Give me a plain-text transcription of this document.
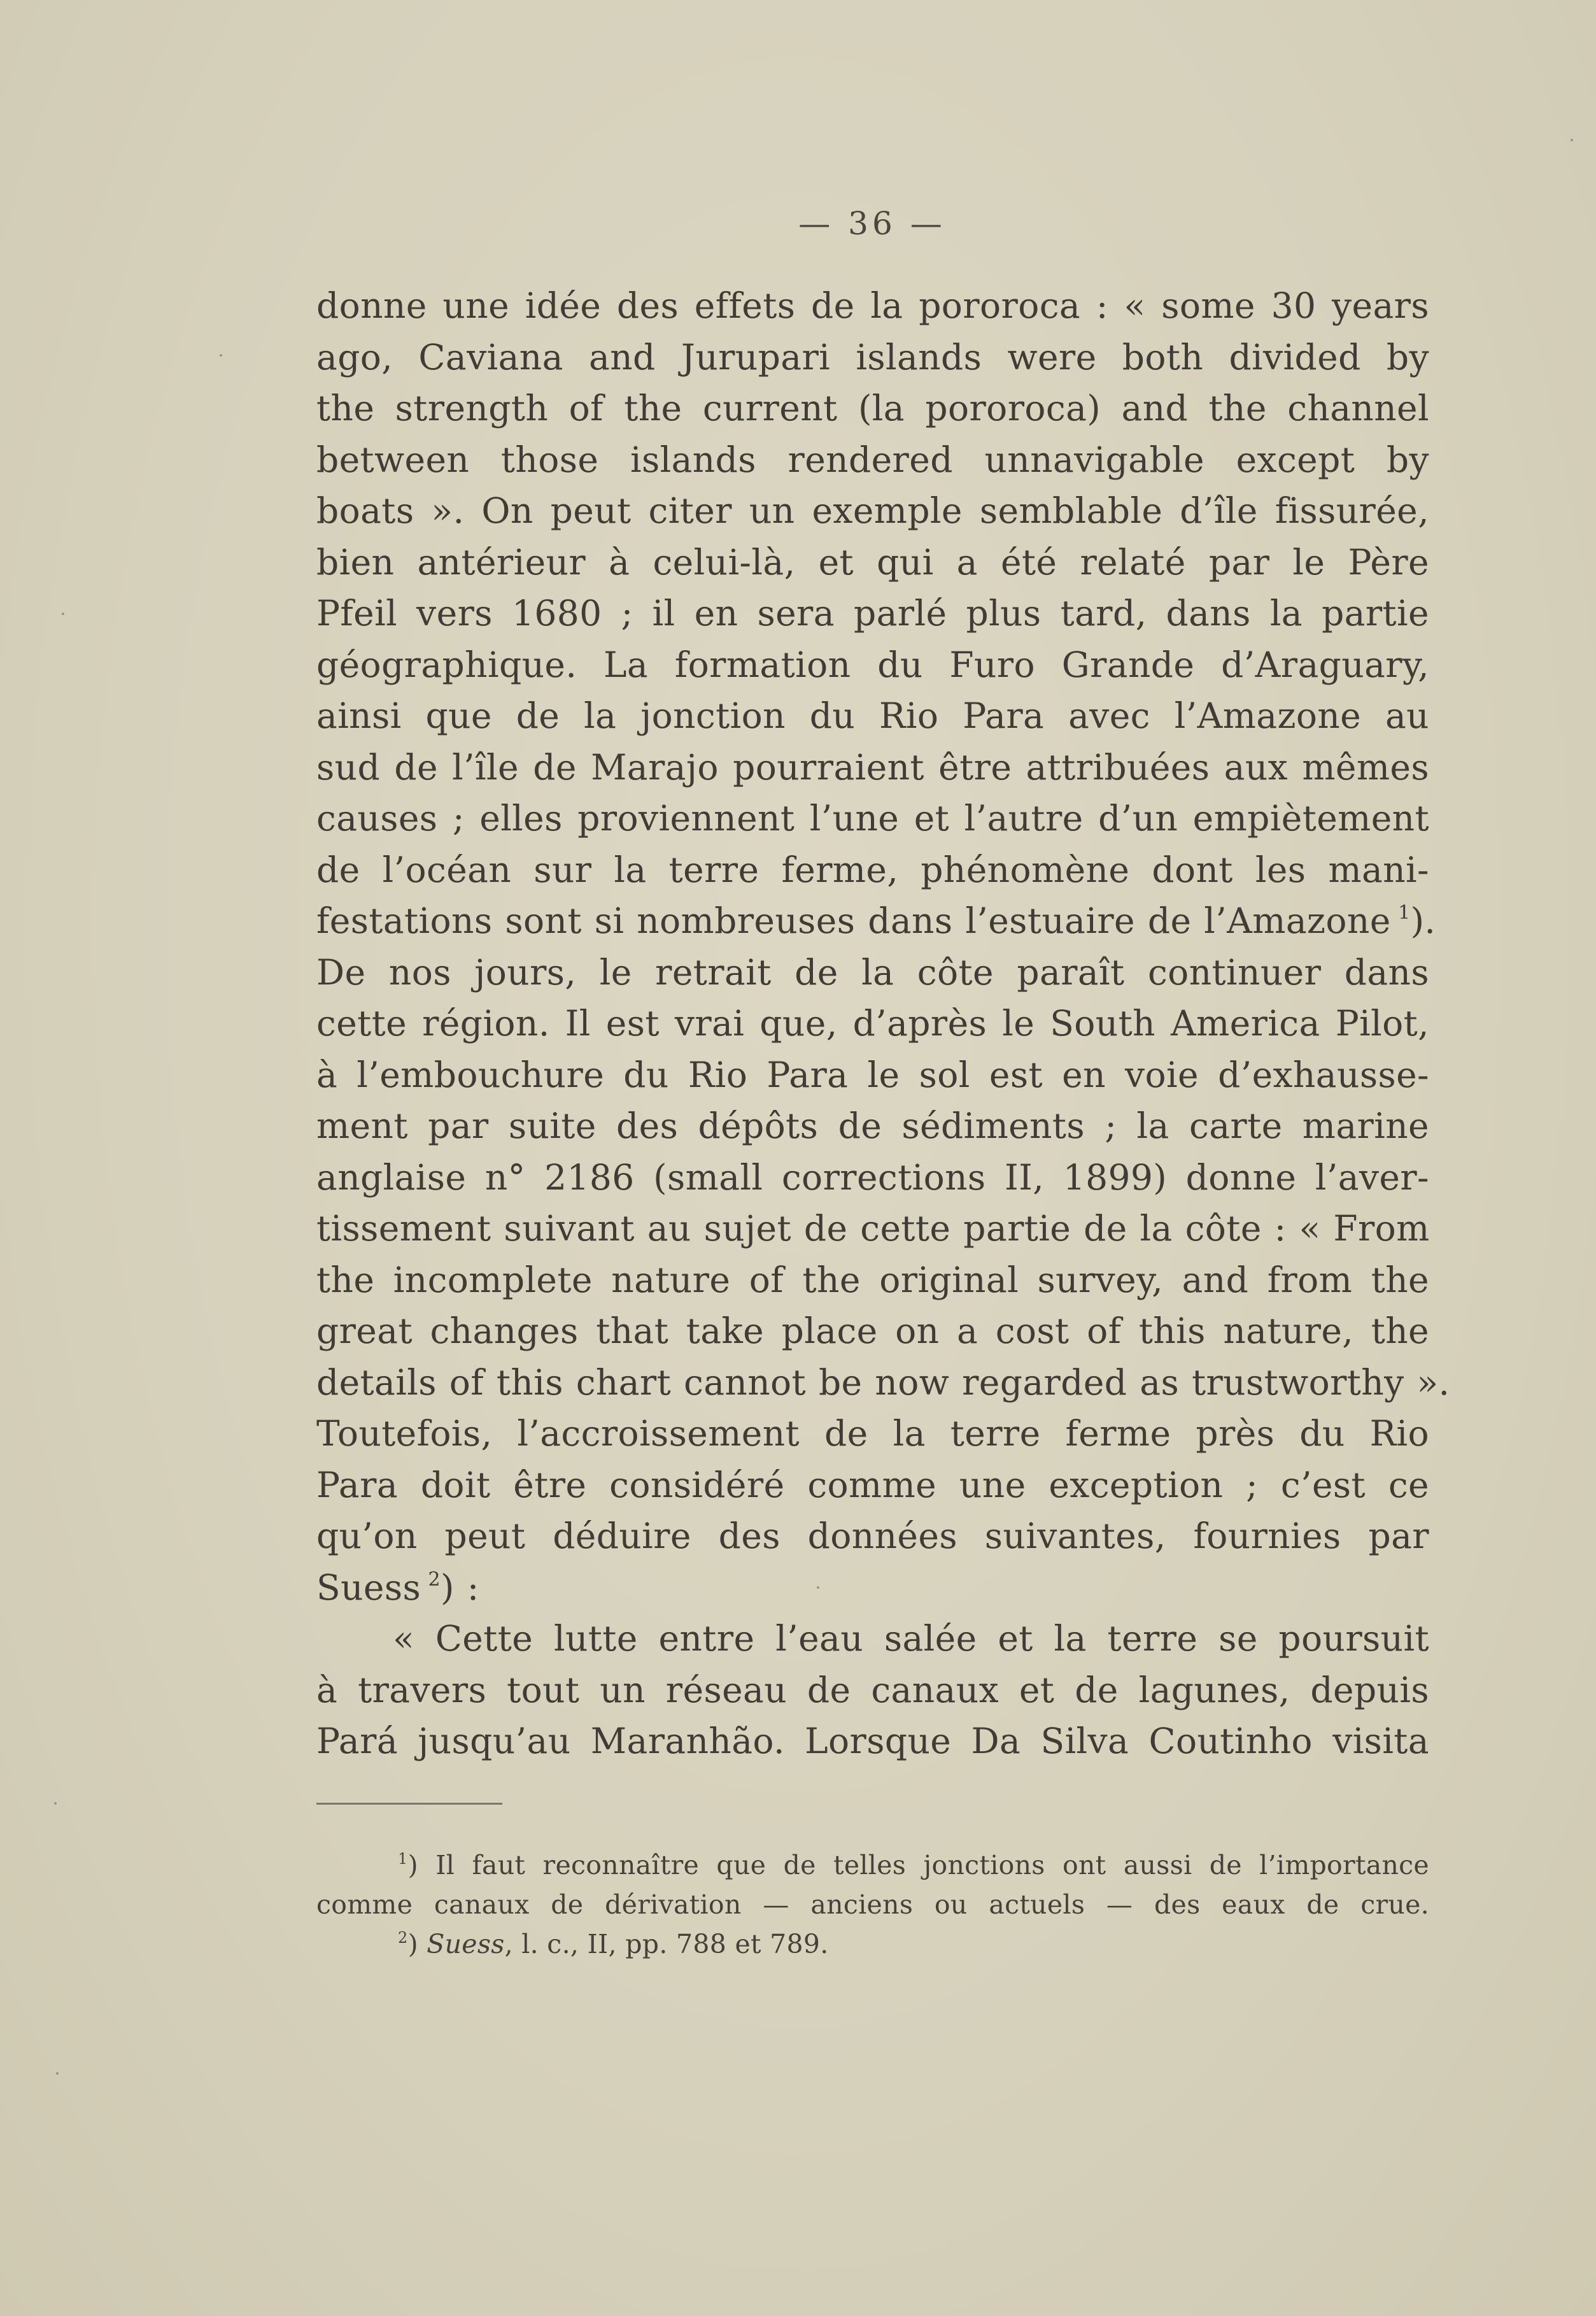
— 36 —
donne une idée des effets de la pororoca : « some 30 years
ago, Caviana and Jurupari islands were both divided by
the strength of the current (la pororoca) and the channel
between those islands rendered unnavigable except by
boats ». On peut citer un exemple semblable d’île fissurée,
bien antérieur à celui-là, et qui a été relaté par le Père
Pfeil vers 1680 ; il en sera parlé plus tard, dans la partie
géographique. La formation du Furo Grande d’Araguary,
ainsi que de la jonction du Rio Para avec l’Amazone au
sud de l’île de Marajo pourraient être attribuées aux mêmes
causes ; elles proviennent l’une et l’autre d’un empiètement
de l’océan sur la terre ferme, phénomène dont les mani-
festations sont si nombreuses dans l’estuaire de l’Amazone  $^1$).
De nos jours, le retrait de la côte paraît continuer dans
cette région. Il est vrai que, d’après le South America Pilot,
à l’embouchure du Rio Para le sol est en voie d’exhausse-
ment par suite des dépôts de sédiments ; la carte marine
anglaise n° 2186 (small corrections II, 1899) donne l’aver-
tissement suivant au sujet de cette partie de la côte : « From
the incomplete nature of the original survey, and from the
great changes that take place on a cost of this nature, the
details of this chart cannot be now regarded as trustworthy ».
Toutefois, l’accroissement de la terre ferme près du Rio
Para doit être considéré comme une exception ; c’est ce
qu’on peut déduire des données suivantes, fournies par
Suess  $^2$) :
« Cette lutte entre l’eau salée et la terre se poursuit
à travers tout un réseau de canaux et de lagunes, depuis
Pará jusqu’au Maranhão. Lorsque Da Silva Coutinho visita
$^1$) Il faut reconnaître que de telles jonctions ont aussi de l’importance
comme canaux de dérivation — anciens ou actuels — des eaux de crue.
$^2$) Suess, l. c., II, pp. 788 et 789.
